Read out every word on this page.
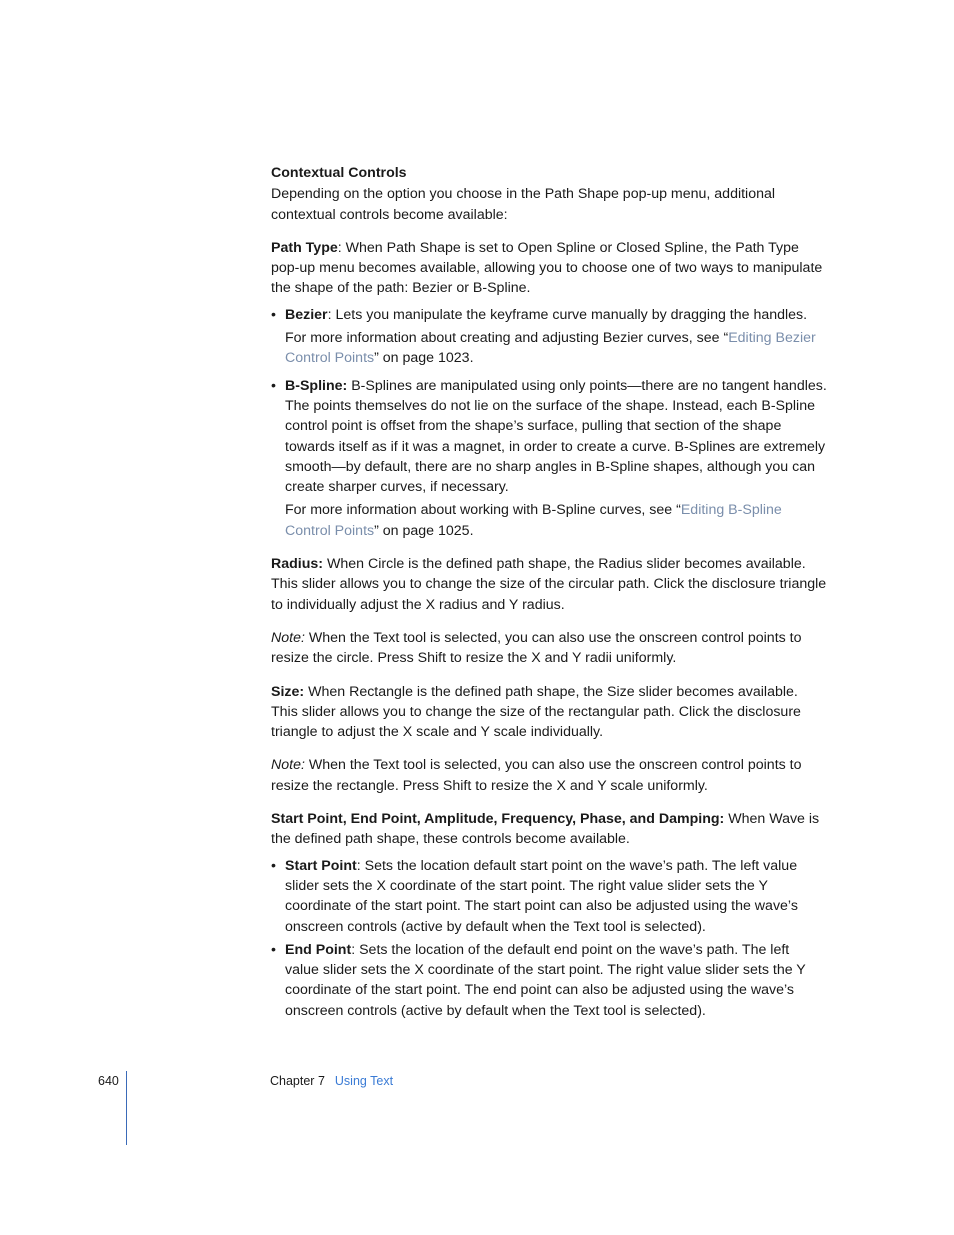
Contextual Controls

Depending on the option you choose in the Path Shape pop-up menu, additional contextual controls become available:

Path Type: When Path Shape is set to Open Spline or Closed Spline, the Path Type pop-up menu becomes available, allowing you to choose one of two ways to manipulate the shape of the path: Bezier or B-Spline.

• Bezier: Lets you manipulate the keyframe curve manually by dragging the handles.
For more information about creating and adjusting Bezier curves, see “Editing Bezier Control Points” on page 1023.
• B-Spline: B-Splines are manipulated using only points—there are no tangent handles. The points themselves do not lie on the surface of the shape. Instead, each B-Spline control point is offset from the shape’s surface, pulling that section of the shape towards itself as if it was a magnet, in order to create a curve. B-Splines are extremely smooth—by default, there are no sharp angles in B-Spline shapes, although you can create sharper curves, if necessary.
For more information about working with B-Spline curves, see “Editing B-Spline Control Points” on page 1025.

Radius: When Circle is the defined path shape, the Radius slider becomes available. This slider allows you to change the size of the circular path. Click the disclosure triangle to individually adjust the X radius and Y radius.

Note: When the Text tool is selected, you can also use the onscreen control points to resize the circle. Press Shift to resize the X and Y radii uniformly.

Size: When Rectangle is the defined path shape, the Size slider becomes available. This slider allows you to change the size of the rectangular path. Click the disclosure triangle to adjust the X scale and Y scale individually.

Note: When the Text tool is selected, you can also use the onscreen control points to resize the rectangle. Press Shift to resize the X and Y scale uniformly.

Start Point, End Point, Amplitude, Frequency, Phase, and Damping: When Wave is the defined path shape, these controls become available.

• Start Point: Sets the location default start point on the wave’s path. The left value slider sets the X coordinate of the start point. The right value slider sets the Y coordinate of the start point. The start point can also be adjusted using the wave’s onscreen controls (active by default when the Text tool is selected).
• End Point: Sets the location of the default end point on the wave’s path. The left value slider sets the X coordinate of the start point. The right value slider sets the Y coordinate of the start point. The end point can also be adjusted using the wave’s onscreen controls (active by default when the Text tool is selected).
640	Chapter 7 Using Text
